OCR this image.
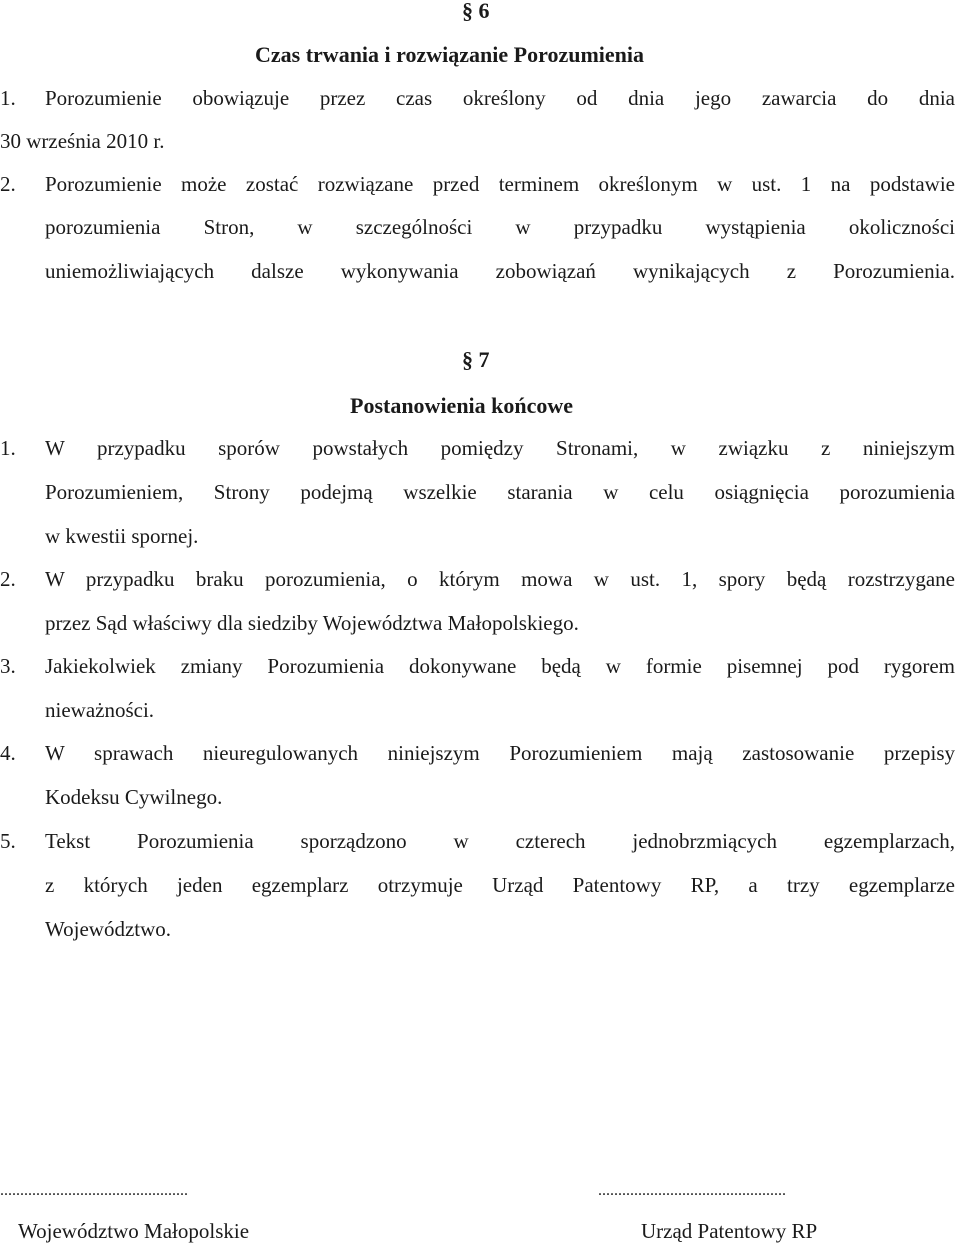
§ 6
Czas trwania i rozwiązanie Porozumienia
1. Porozumienie obowiązuje przez czas określony od dnia jego zawarcia do dnia
30 września 2010 r.
2. Porozumienie może zostać rozwiązane przed terminem określonym w ust. 1 na podstawie
porozumienia Stron, w szczególności w przypadku wystąpienia okoliczności
uniemożliwiających dalsze wykonywania zobowiązań wynikających z Porozumienia.
§ 7
Postanowienia końcowe
1. W przypadku sporów powstałych pomiędzy Stronami, w związku z niniejszym
Porozumieniem, Strony podejmą wszelkie starania w celu osiągnięcia porozumienia
w kwestii spornej.
2. W przypadku braku porozumienia, o którym mowa w ust. 1, spory będą rozstrzygane
przez Sąd właściwy dla siedziby Województwa Małopolskiego.
3. Jakiekolwiek zmiany Porozumienia dokonywane będą w formie pisemnej pod rygorem
nieważności.
4. W sprawach nieuregulowanych niniejszym Porozumieniem mają zastosowanie przepisy
Kodeksu Cywilnego.
5. Tekst Porozumienia sporządzono w czterech jednobrzmiących egzemplarzach,
z których jeden egzemplarz otrzymuje Urząd Patentowy RP, a trzy egzemplarze
Województwo.
...............................................
Województwo Małopolskie
...............................................
Urząd Patentowy RP
